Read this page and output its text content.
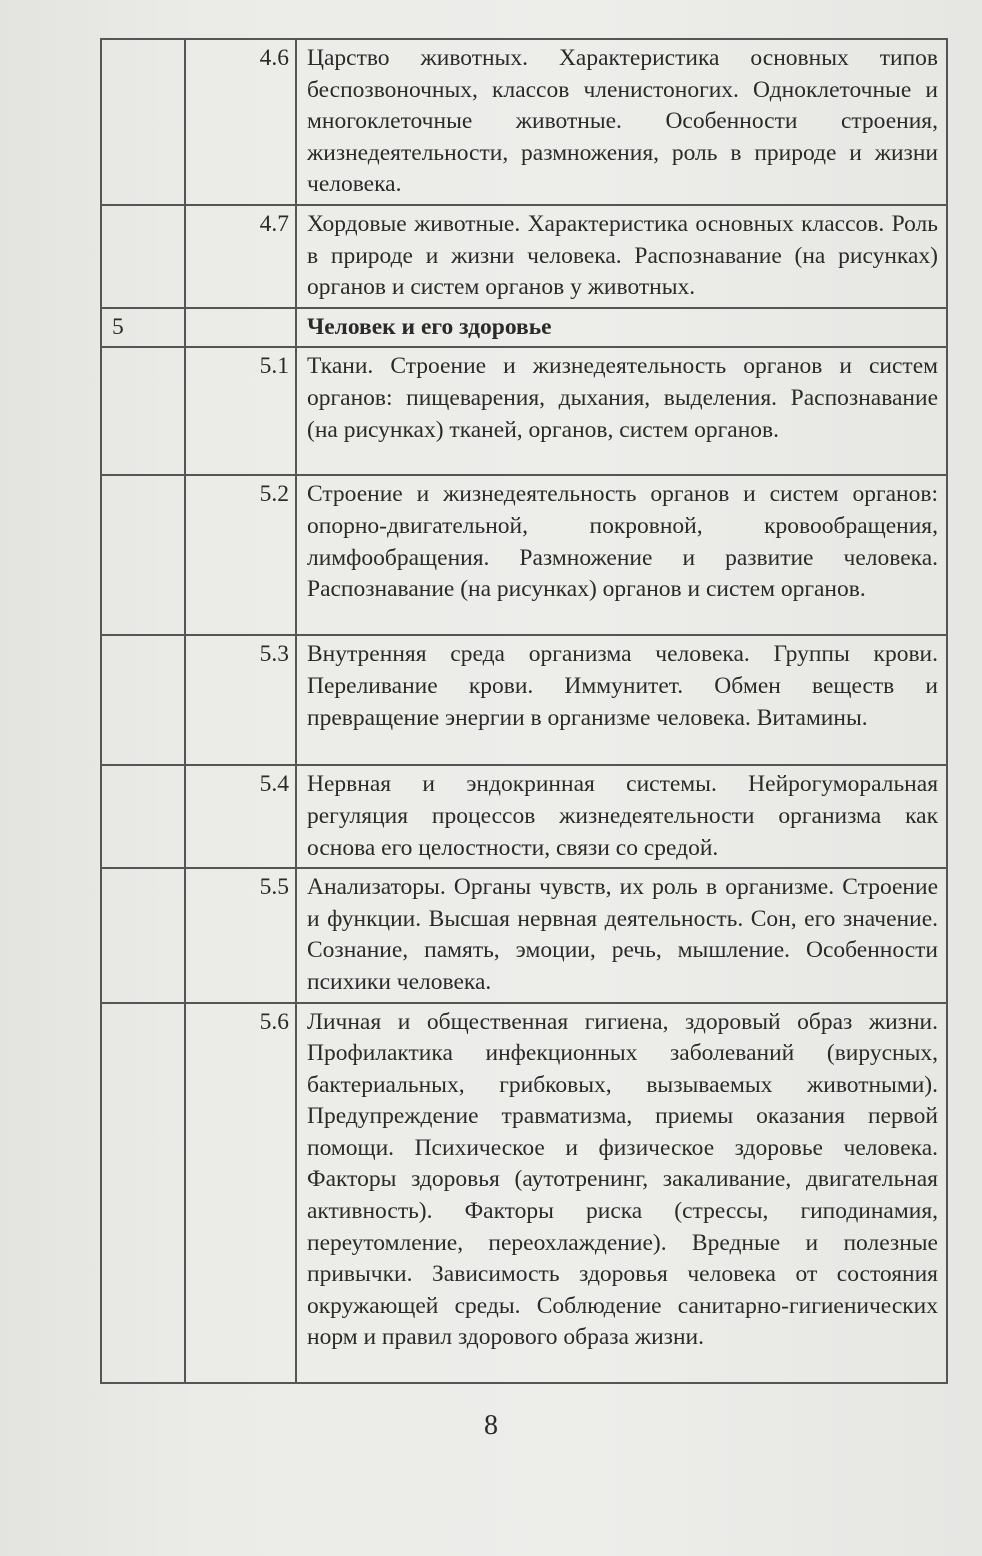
	4.6	Царство животных. Характеристика основных типов беспозвоночных, классов членистоногих. Одноклеточные и многоклеточные животные. Особенности строения, жизнедеятельности, размножения, роль в природе и жизни человека.
	4.7	Хордовые животные. Характеристика основных классов. Роль в природе и жизни человека. Распознавание (на рисунках) органов и систем органов у животных.
5		Человек и его здоровье
	5.1	Ткани. Строение и жизнедеятельность органов и систем органов: пищеварения, дыхания, выделения. Распознавание (на рисунках) тканей, органов, систем органов.
	5.2	Строение и жизнедеятельность органов и систем органов: опорно-двигательной, покровной, кровообращения, лимфообращения. Размножение и развитие человека. Распознавание (на рисунках) органов и систем органов.
	5.3	Внутренняя среда организма человека. Группы крови. Переливание крови. Иммунитет. Обмен веществ и превращение энергии в организме человека. Витамины.
	5.4	Нервная и эндокринная системы. Нейрогуморальная регуляция процессов жизнедеятельности организма как основа его целостности, связи со средой.
	5.5	Анализаторы. Органы чувств, их роль в организме. Строение и функции. Высшая нервная деятельность. Сон, его значение. Сознание, память, эмоции, речь, мышление. Особенности психики человека.
	5.6	Личная и общественная гигиена, здоровый образ жизни. Профилактика инфекционных заболеваний (вирусных, бактериальных, грибковых, вызываемых животными). Предупреждение травматизма, приемы оказания первой помощи. Психическое и физическое здоровье человека. Факторы здоровья (аутотренинг, закаливание, двигательная активность). Факторы риска (стрессы, гиподинамия, переутомление, переохлаждение). Вредные и полезные привычки. Зависимость здоровья человека от состояния окружающей среды. Соблюдение санитарно-гигиенических норм и правил здорового образа жизни.
8
